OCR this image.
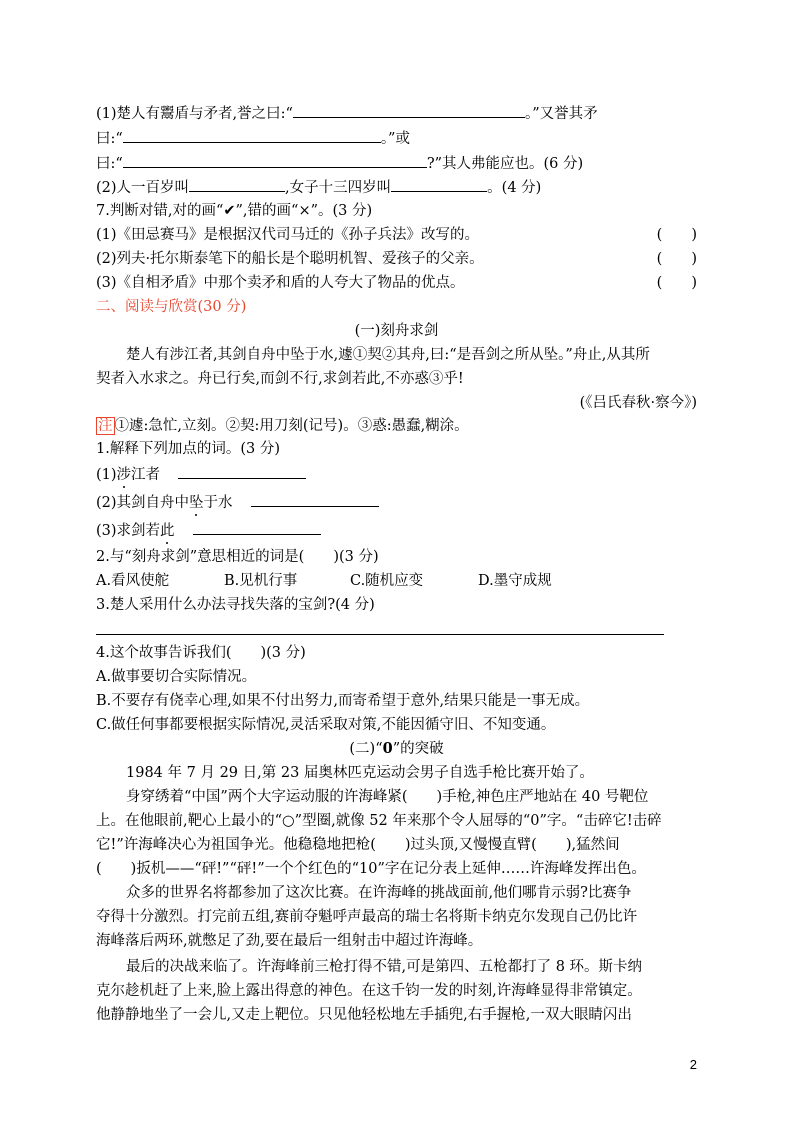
(1)楚人有鬻盾与矛者,誉之曰:“	。”又誉其矛
曰:“	。”或
曰:“	?”其人弗能应也。(6 分)
(2)人一百岁叫	,女子十三四岁叫	。(4 分)
7.判断对错,对的画“✔”,错的画“×”。(3 分)
(1)《田忌赛马》是根据汉代司马迁的《孙子兵法》改写的。	(　　)
(2)列夫·托尔斯泰笔下的船长是个聪明机智、爱孩子的父亲。	(　　)
(3)《自相矛盾》中那个卖矛和盾的人夸大了物品的优点。	(　　)
二、阅读与欣赏(30 分)
(一)刻舟求剑
楚人有涉江者,其剑自舟中坠于水,遽①契②其舟,曰:“是吾剑之所从坠。”舟止,从其所
契者入水求之。舟已行矣,而剑不行,求剑若此,不亦惑③乎!
(《吕氏春秋·察今》)
注 ①遽:急忙,立刻。②契:用刀刻(记号)。③惑:愚蠢,糊涂。
1.解释下列加点的词。(3 分)
(1)涉江者
(2)其剑自舟中坠于水
(3)求剑若此
2.与“刻舟求剑”意思相近的词是(　　)(3 分)
A.看风使舵	B.见机行事	C.随机应变	D.墨守成规
3.楚人采用什么办法寻找失落的宝剑?(4 分)
4.这个故事告诉我们(　　)(3 分)
A.做事要切合实际情况。
B.不要存有侥幸心理,如果不付出努力,而寄希望于意外,结果只能是一事无成。
C.做任何事都要根据实际情况,灵活采取对策,不能因循守旧、不知变通。
(二)“0”的突破
1984 年 7 月 29 日,第 23 届奥林匹克运动会男子自选手枪比赛开始了。
身穿绣着“中国”两个大字运动服的许海峰紧(　　)手枪,神色庄严地站在 40 号靶位
上。在他眼前,靶心上最小的“○”型圈,就像 52 年来那个令人屈辱的“0”字。“击碎它!击碎
它!”许海峰决心为祖国争光。他稳稳地把枪(　　)过头顶,又慢慢直臂(　　),猛然间
(　　)扳机——“砰!”“砰!”一个个红色的“10”字在记分表上延伸……许海峰发挥出色。
众多的世界名将都参加了这次比赛。在许海峰的挑战面前,他们哪肯示弱?比赛争
夺得十分激烈。打完前五组,赛前夺魁呼声最高的瑞士名将斯卡纳克尔发现自己仍比许
海峰落后两环,就憋足了劲,要在最后一组射击中超过许海峰。
最后的决战来临了。许海峰前三枪打得不错,可是第四、五枪都打了 8 环。斯卡纳
克尔趁机赶了上来,脸上露出得意的神色。在这千钧一发的时刻,许海峰显得非常镇定。
他静静地坐了一会儿,又走上靶位。只见他轻松地左手插兜,右手握枪,一双大眼睛闪出
2
